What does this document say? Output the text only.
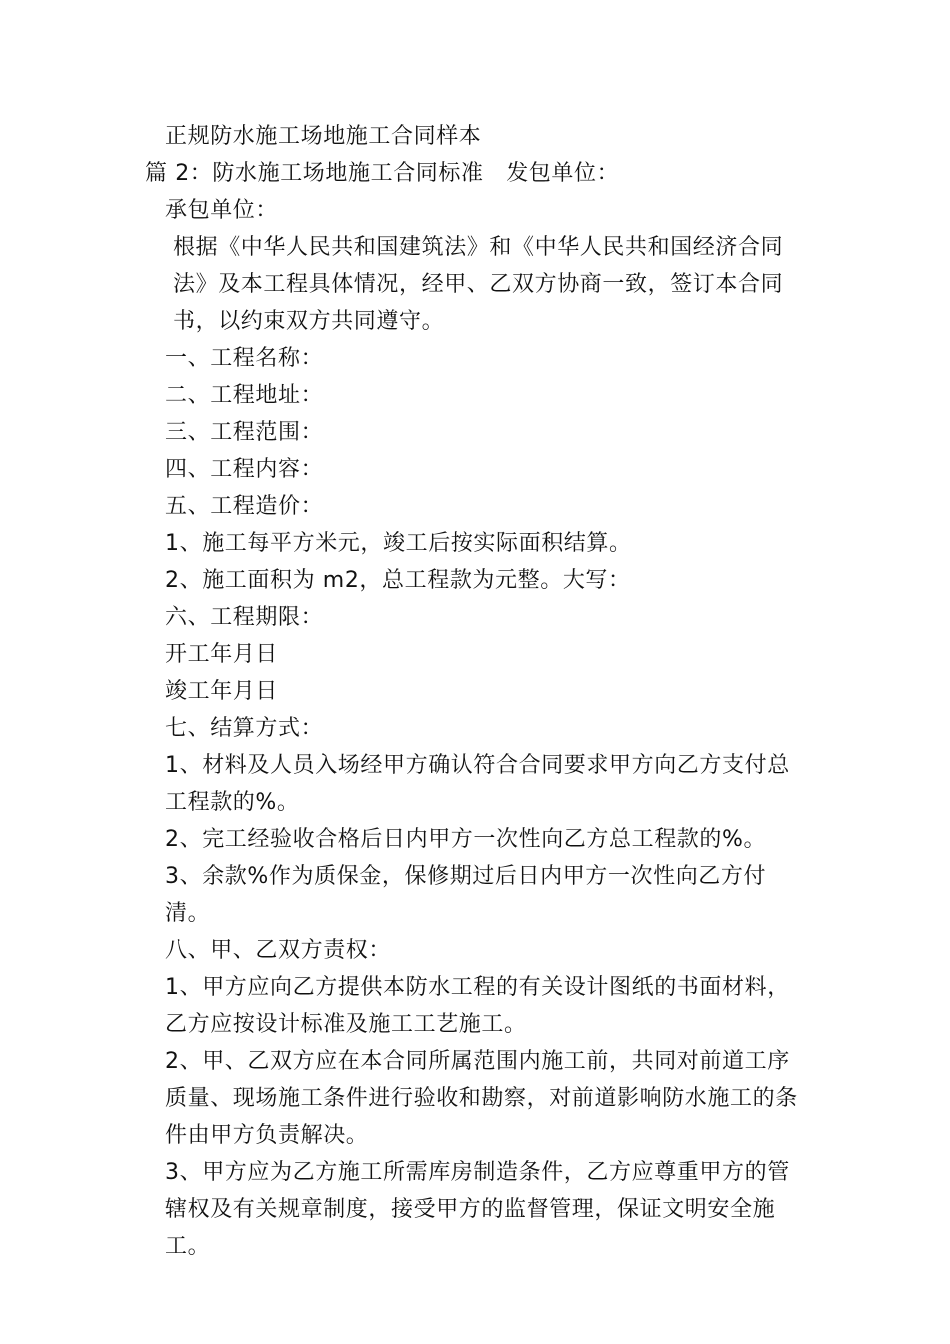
正规防水施工场地施工合同样本

篇 2：防水施工场地施工合同标准　发包单位：

承包单位：

根据《中华人民共和国建筑法》和《中华人民共和国经济合同法》及本工程具体情况，经甲、乙双方协商一致，签订本合同书，以约束双方共同遵守。

一、工程名称：

二、工程地址：

三、工程范围：

四、工程内容：

五、工程造价：

1、施工每平方米元，竣工后按实际面积结算。

2、施工面积为 m2，总工程款为元整。大写：

六、工程期限：

开工年月日

竣工年月日

七、结算方式：

1、材料及人员入场经甲方确认符合合同要求甲方向乙方支付总工程款的%。

2、完工经验收合格后日内甲方一次性向乙方总工程款的%。

3、余款%作为质保金，保修期过后日内甲方一次性向乙方付清。

八、甲、乙双方责权：

1、甲方应向乙方提供本防水工程的有关设计图纸的书面材料，乙方应按设计标准及施工工艺施工。

2、甲、乙双方应在本合同所属范围内施工前，共同对前道工序质量、现场施工条件进行验收和勘察，对前道影响防水施工的条件由甲方负责解决。

3、甲方应为乙方施工所需库房制造条件，乙方应尊重甲方的管辖权及有关规章制度，接受甲方的监督管理，保证文明安全施工。
